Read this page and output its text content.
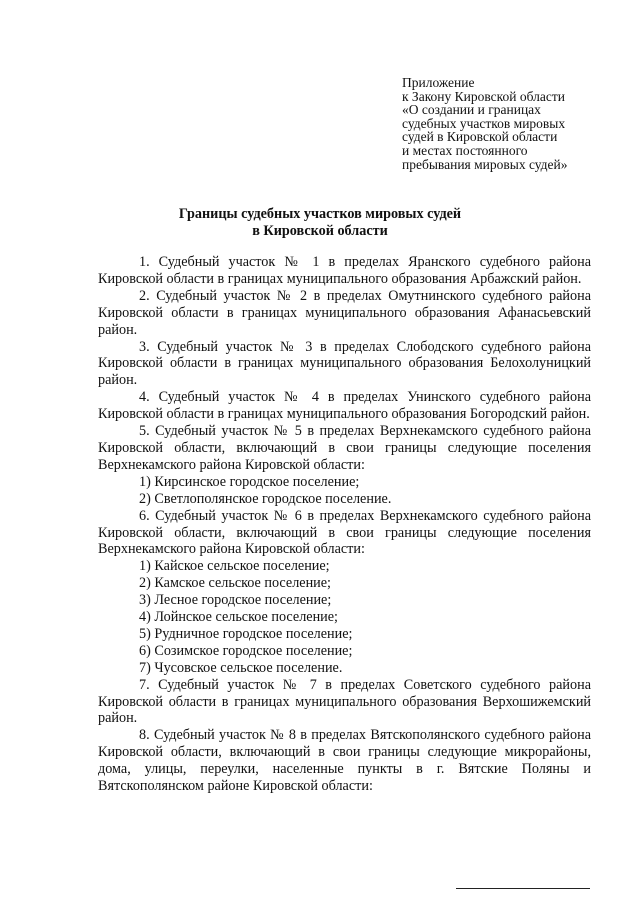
Приложение
к Закону Кировской области
«О создании и границах
судебных участков мировых
судей в Кировской области
и местах постоянного
пребывания мировых судей»
Границы судебных участков мировых судей
в Кировской области

1. Судебный участок № 1 в пределах Яранского судебного района Кировской области в границах муниципального образования Арбажский район.

2. Судебный участок № 2 в пределах Омутнинского судебного района Кировской области в границах муниципального образования Афанасьевский район.

3. Судебный участок № 3 в пределах Слободского судебного района Кировской области в границах муниципального образования Белохолуницкий район.

4. Судебный участок № 4 в пределах Унинского судебного района Кировской области в границах муниципального образования Богородский район.

5. Судебный участок № 5 в пределах Верхнекамского судебного района Кировской области, включающий в свои границы следующие поселения Верхнекамского района Кировской области:

1) Кирсинское городское поселение;
2) Светлополянское городское поселение.

6. Судебный участок № 6 в пределах Верхнекамского судебного района Кировской области, включающий в свои границы следующие поселения Верхнекамского района Кировской области:

1) Кайское сельское поселение;
2) Камское сельское поселение;
3) Лесное городское поселение;
4) Лойнское сельское поселение;
5) Рудничное городское поселение;
6) Созимское городское поселение;
7) Чусовское сельское поселение.

7. Судебный участок № 7 в пределах Советского судебного района Кировской области в границах муниципального образования Верхошижемский район.

8. Судебный участок № 8 в пределах Вятскополянского судебного района Кировской области, включающий в свои границы следующие микрорайоны, дома, улицы, переулки, населенные пункты в г. Вятские Поляны и Вятскополянском районе Кировской области:
